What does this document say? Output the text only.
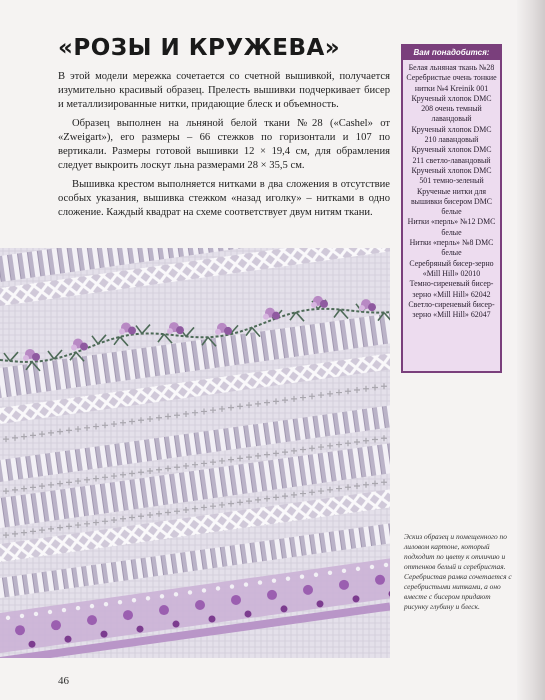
«РОЗЫ И КРУЖЕВА»

В этой модели мережка сочетается со счетной вышивкой, получается изумительно красивый образец. Прелесть вышивки подчеркивает бисер и металлизированные нитки, придающие блеск и объемность.

Образец выполнен на льняной белой ткани №28 («Cashel» от «Zweigart»), его размеры – 66 стежков по горизонтали и 107 по вертикали. Размеры готовой вышивки 12 × 19,4 см, для обрамления следует выкроить лоскут льна размерами 28 × 35,5 см.

Вышивка крестом выполняется нитками в два сложения в отсутствие особых указания, вышивка стежком «назад иголку» – нитками в одно сложение. Каждый квадрат на схеме соответствует двум нитям ткани.

Вам понадобится:
Белая льняная ткань №28
Серебристые очень тонкие нитки №4 Kreinik 001
Крученый хлопок DMC 208 очень темный лавандовый
Крученый хлопок DMC 210 лавандовый
Крученый хлопок DMC 211 светло-лавандовый
Крученый хлопок DMC 501 темно-зеленый
Крученые нитки для вышивки бисером DMC белые
Нитки «перль» №12 DMC белые
Нитки «перль» №8 DMC белые
Серебряный бисер-зерно «Mill Hill» 02010
Темно-сиреневый бисер-зерно «Mill Hill» 62042
Светло-сиреневый бисер-зерно «Mill Hill» 62047
Эскиз образец и помещенного по лиловом картоне, который подходит по цвету к отличию и оттенков белый и серебристая. Серебристая рамка сочетается с серебристыми нитками, а оно вместе с бисером придают рисунку глубину и блеск.
46
